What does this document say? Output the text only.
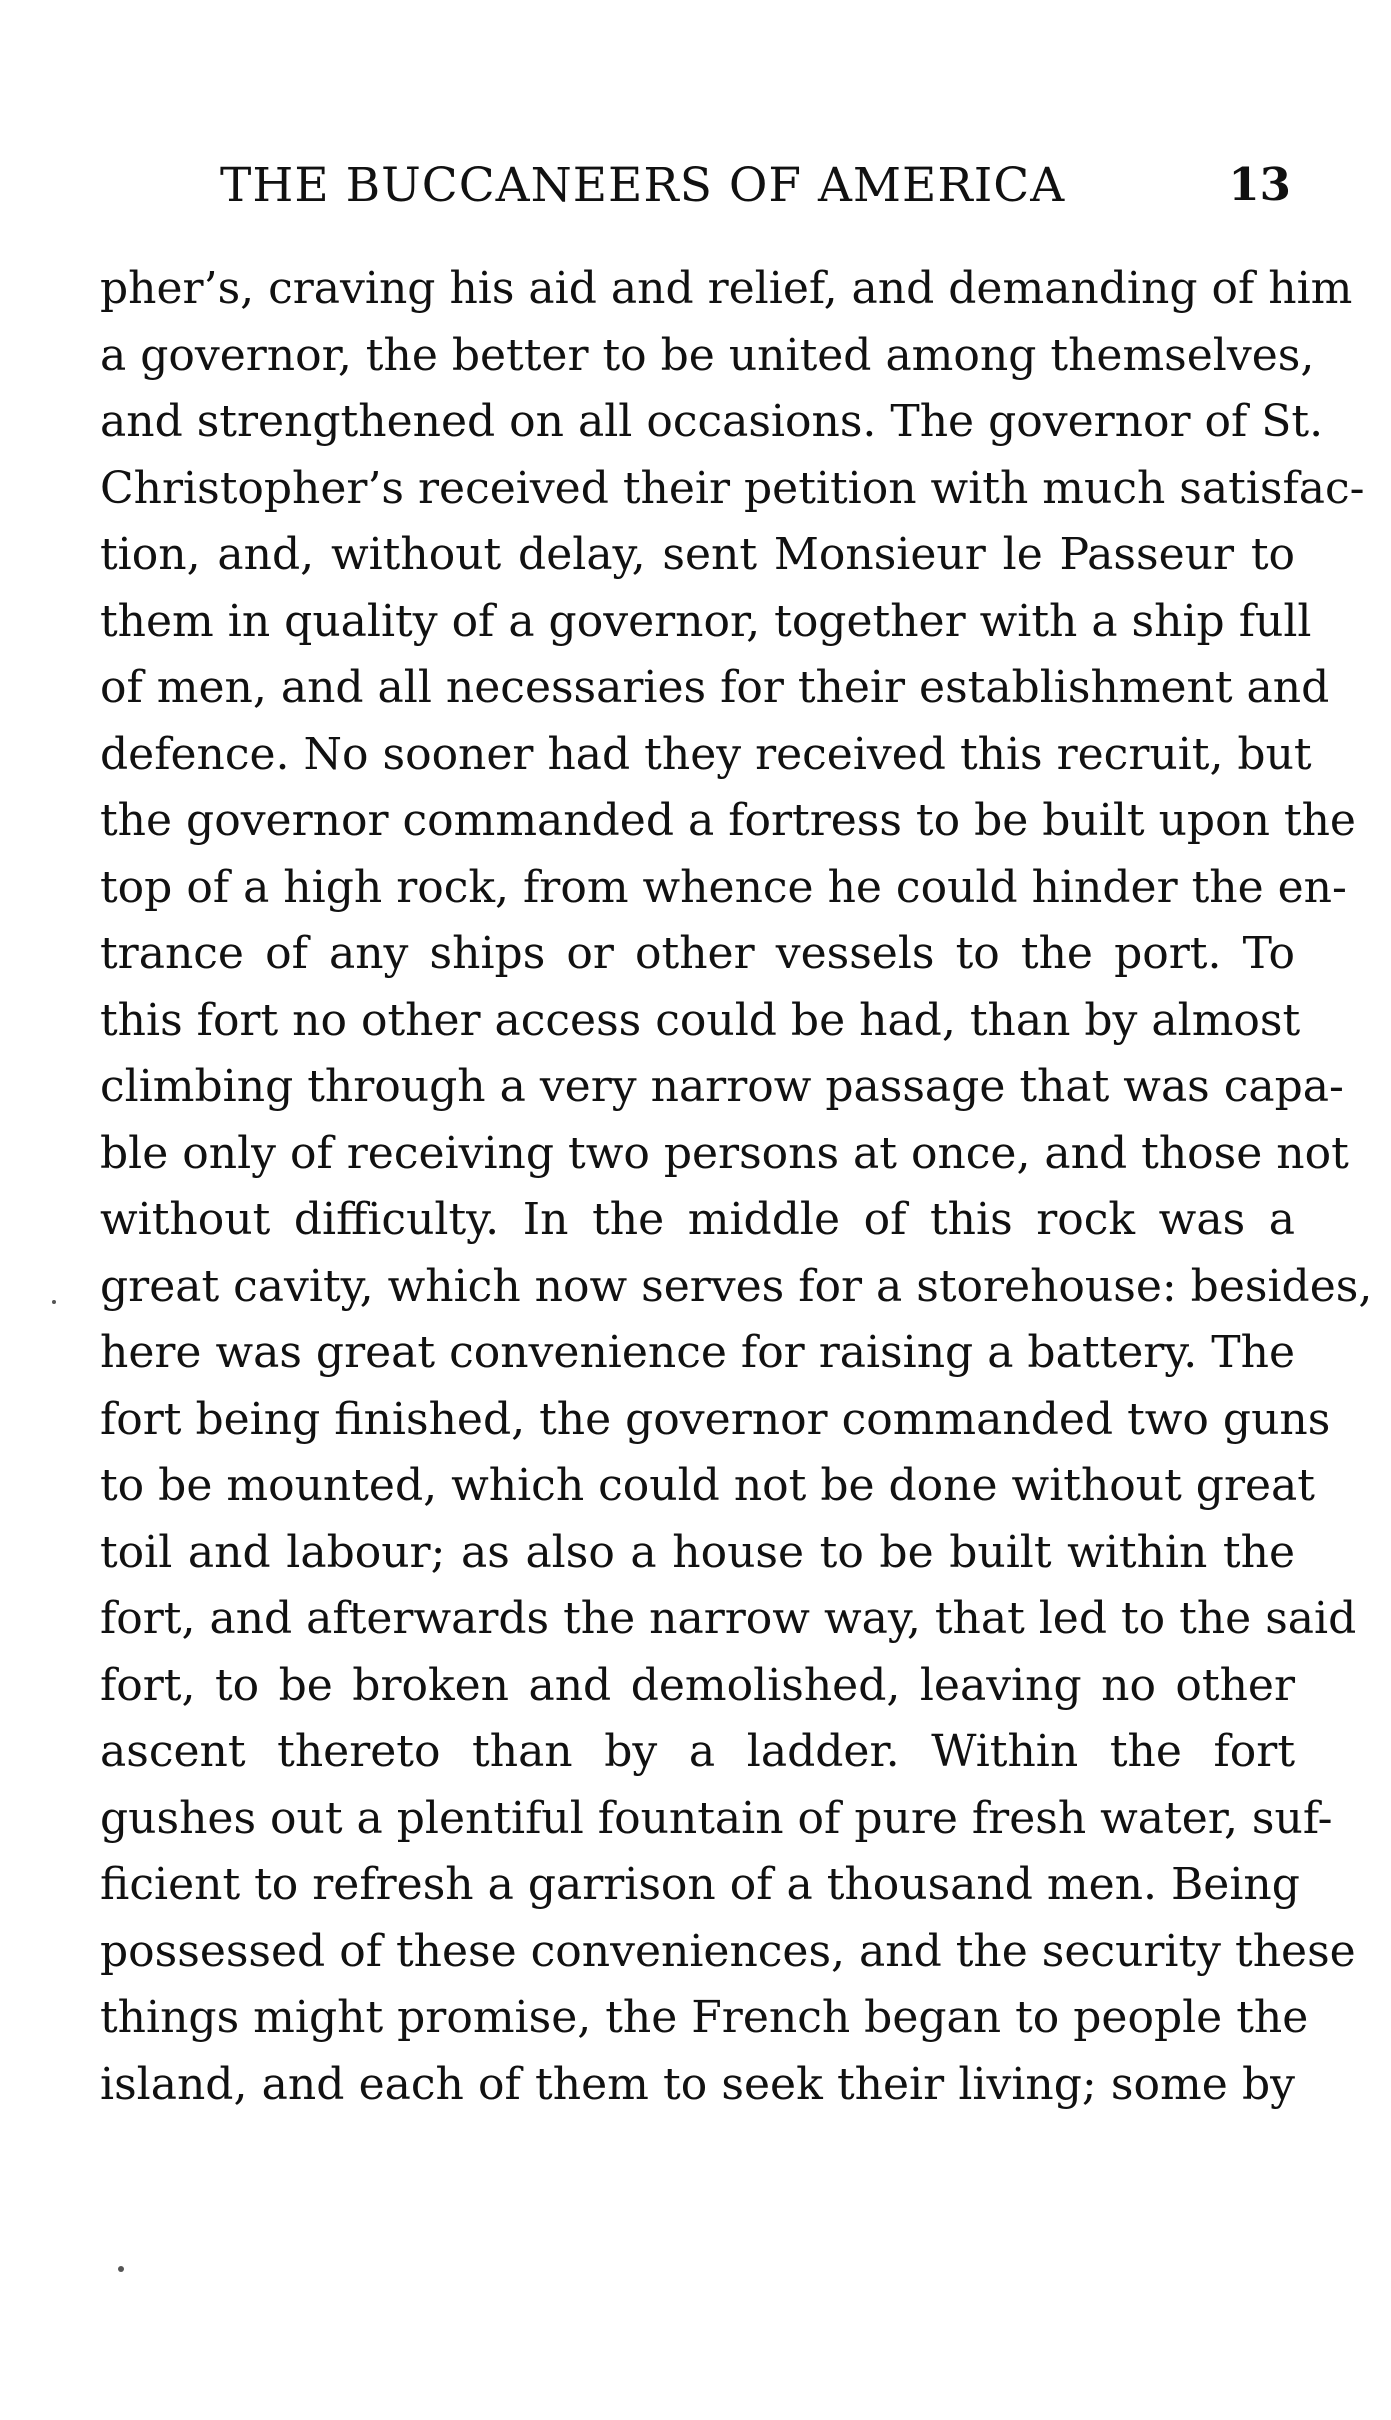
THE BUCCANEERS OF AMERICA	13
pher’s, craving his aid and relief, and demanding of him
a governor, the better to be united among themselves,
and strengthened on all occasions. The governor of St.
Christopher’s received their petition with much satisfac-
tion, and, without delay, sent Monsieur le Passeur to
them in quality of a governor, together with a ship full
of men, and all necessaries for their establishment and
defence. No sooner had they received this recruit, but
the governor commanded a fortress to be built upon the
top of a high rock, from whence he could hinder the en-
trance of any ships or other vessels to the port. To
this fort no other access could be had, than by almost
climbing through a very narrow passage that was capa-
ble only of receiving two persons at once, and those not
without difficulty. In the middle of this rock was a
great cavity, which now serves for a storehouse: besides,
here was great convenience for raising a battery. The
fort being finished, the governor commanded two guns
to be mounted, which could not be done without great
toil and labour; as also a house to be built within the
fort, and afterwards the narrow way, that led to the said
fort, to be broken and demolished, leaving no other
ascent thereto than by a ladder. Within the fort
gushes out a plentiful fountain of pure fresh water, suf-
ficient to refresh a garrison of a thousand men. Being
possessed of these conveniences, and the security these
things might promise, the French began to people the
island, and each of them to seek their living; some by
